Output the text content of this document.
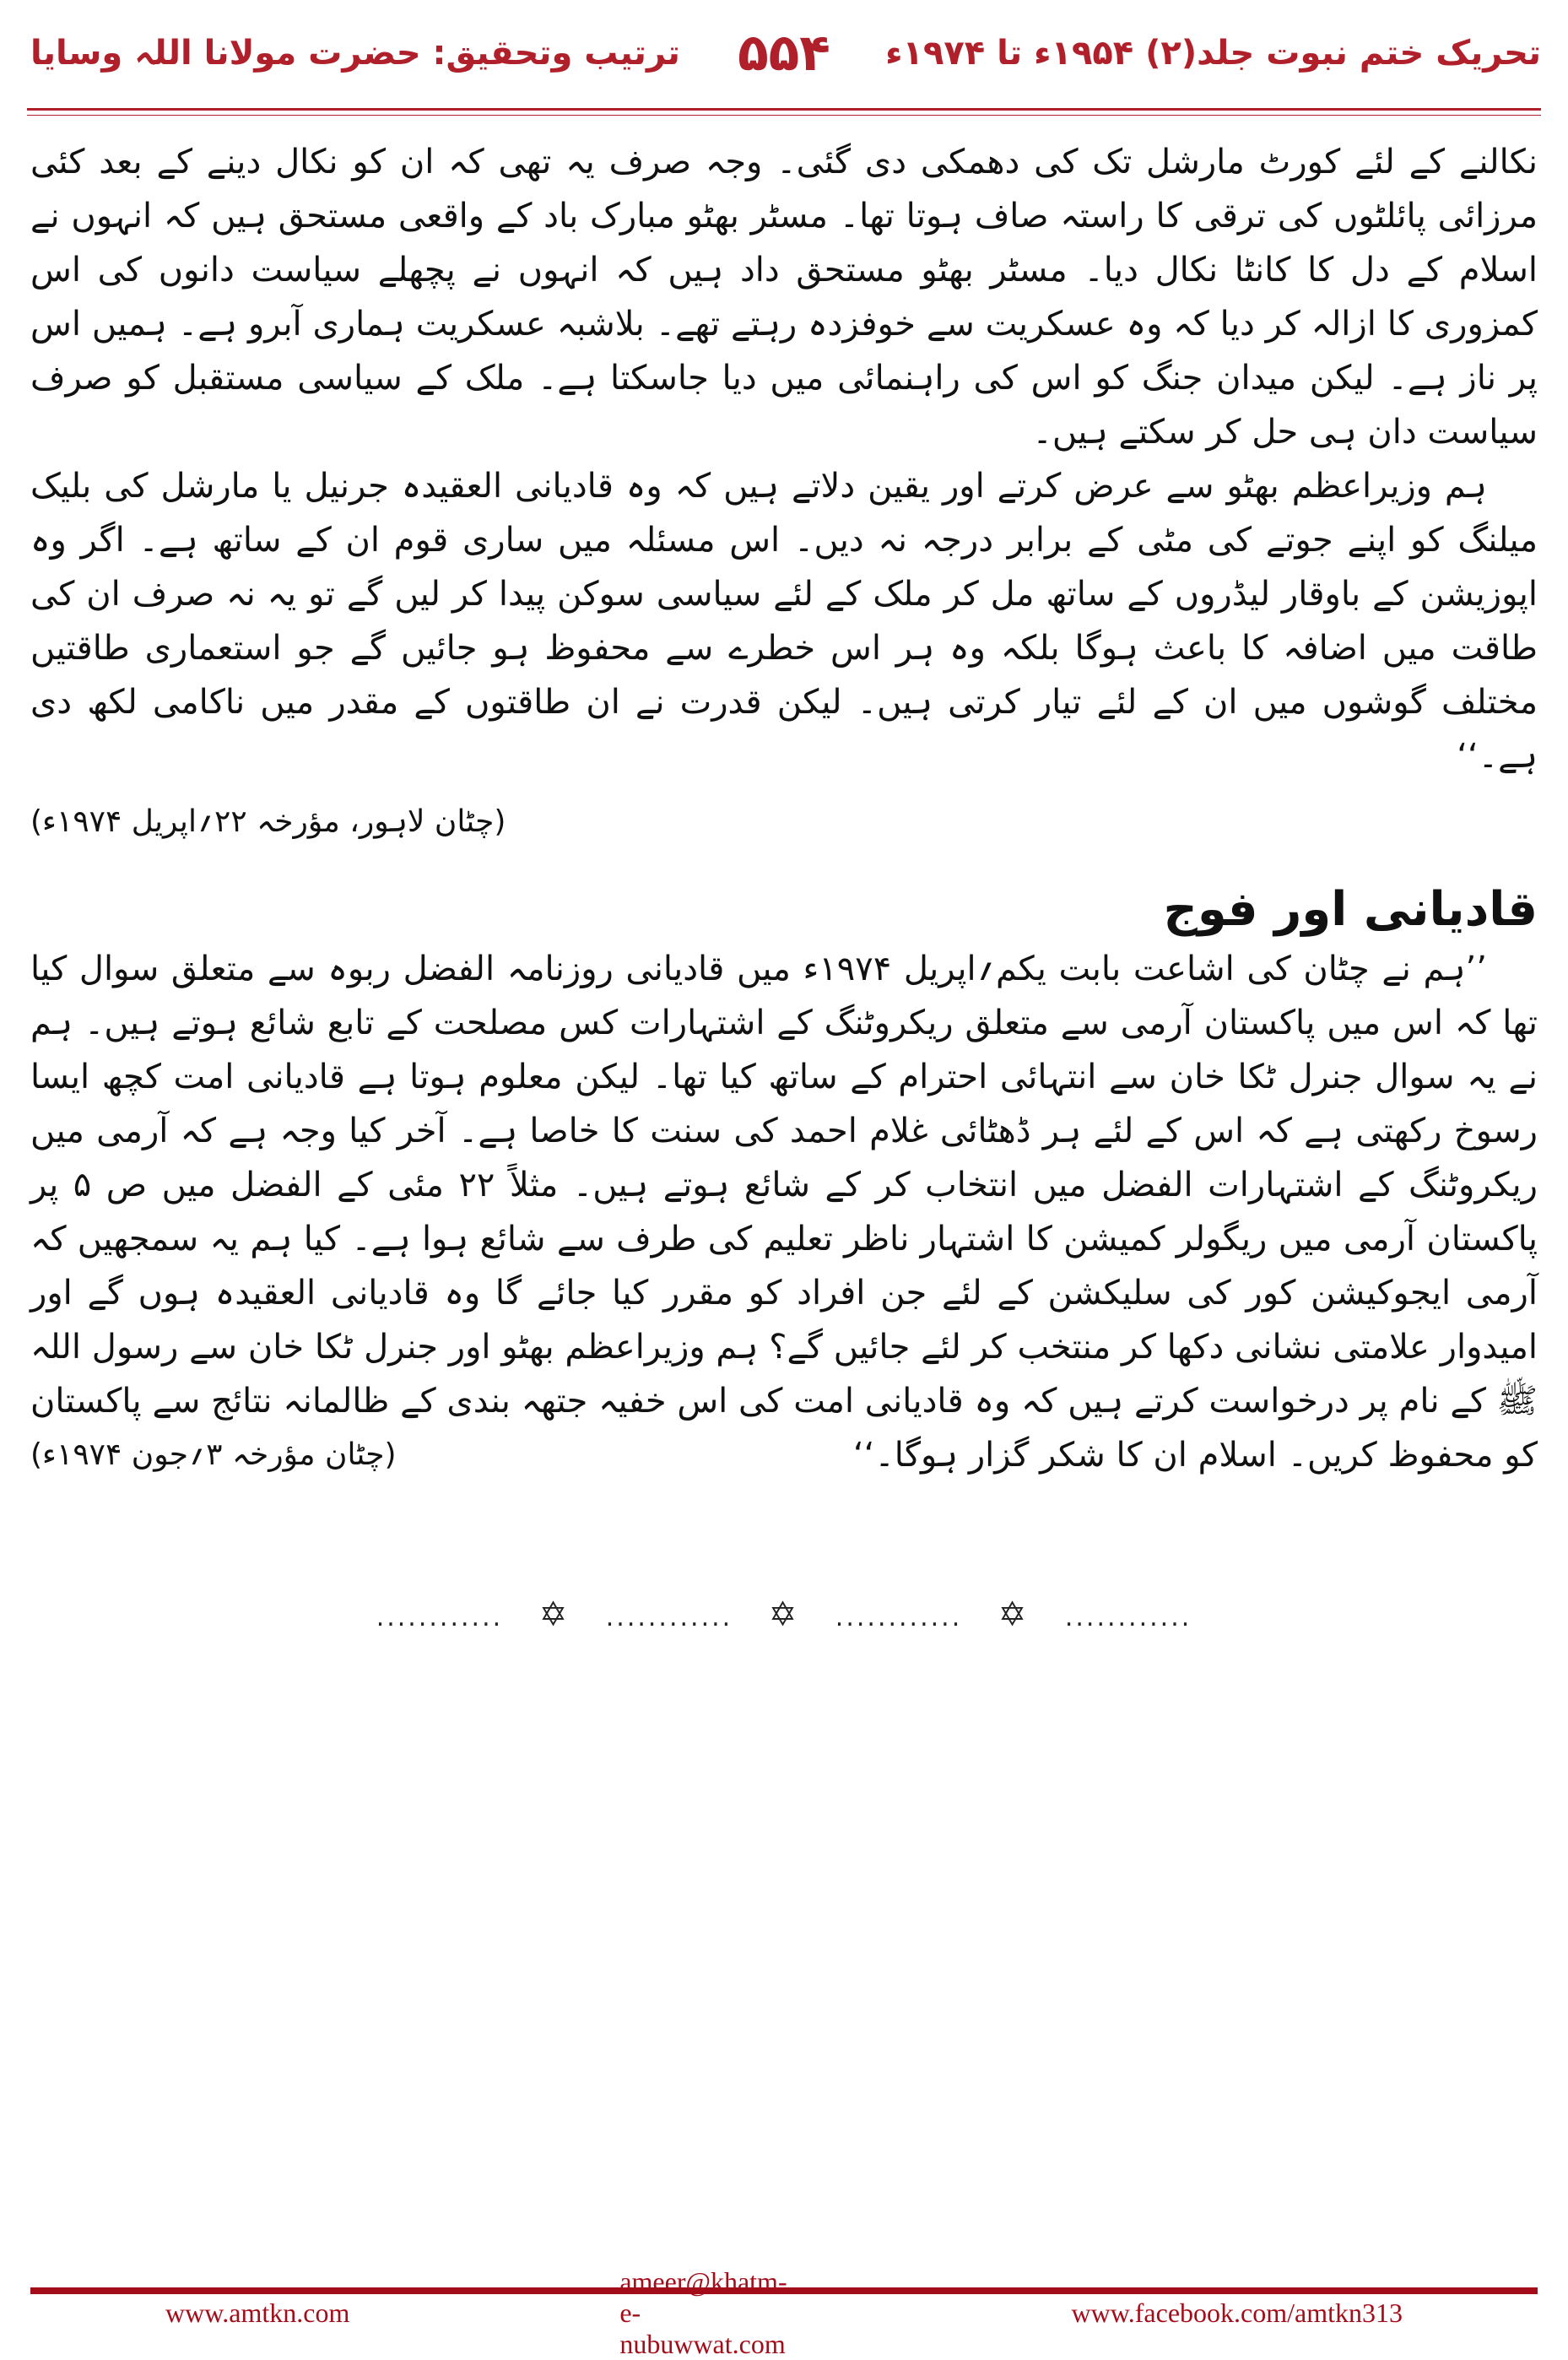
ترتیب وتحقیق: حضرت مولانا اللہ وسایا	۵۵۴	تحریک ختم نبوت جلد(۲) ۱۹۵۴ء تا ۱۹۷۴ء

نکالنے کے لئے کورٹ مارشل تک کی دھمکی دی گئی۔ وجہ صرف یہ تھی کہ ان کو نکال دینے کے بعد کئی مرزائی پائلٹوں کی ترقی کا راستہ صاف ہوتا تھا۔ مسٹر بھٹو مبارک باد کے واقعی مستحق ہیں کہ انہوں نے اسلام کے دل کا کانٹا نکال دیا۔ مسٹر بھٹو مستحق داد ہیں کہ انہوں نے پچھلے سیاست دانوں کی اس کمزوری کا ازالہ کر دیا کہ وہ عسکریت سے خوفزدہ رہتے تھے۔ بلاشبہ عسکریت ہماری آبرو ہے۔ ہمیں اس پر ناز ہے۔ لیکن میدان جنگ کو اس کی راہنمائی میں دیا جاسکتا ہے۔ ملک کے سیاسی مستقبل کو صرف سیاست دان ہی حل کر سکتے ہیں۔

ہم وزیراعظم بھٹو سے عرض کرتے اور یقین دلاتے ہیں کہ وہ قادیانی العقیدہ جرنیل یا مارشل کی بلیک میلنگ کو اپنے جوتے کی مٹی کے برابر درجہ نہ دیں۔ اس مسئلہ میں ساری قوم ان کے ساتھ ہے۔ اگر وہ اپوزیشن کے باوقار لیڈروں کے ساتھ مل کر ملک کے لئے سیاسی سوکن پیدا کر لیں گے تو یہ نہ صرف ان کی طاقت میں اضافہ کا باعث ہوگا بلکہ وہ ہر اس خطرے سے محفوظ ہو جائیں گے جو استعماری طاقتیں مختلف گوشوں میں ان کے لئے تیار کرتی ہیں۔ لیکن قدرت نے ان طاقتوں کے مقدر میں ناکامی لکھ دی ہے۔‘‘

(چٹان لاہور، مؤرخہ ۲۲؍اپریل ۱۹۷۴ء)

قادیانی اور فوج

’’ہم نے چٹان کی اشاعت بابت یکم؍اپریل ۱۹۷۴ء میں قادیانی روزنامہ الفضل ربوہ سے متعلق سوال کیا تھا کہ اس میں پاکستان آرمی سے متعلق ریکروٹنگ کے اشتہارات کس مصلحت کے تابع شائع ہوتے ہیں۔ ہم نے یہ سوال جنرل ٹکا خان سے انتہائی احترام کے ساتھ کیا تھا۔ لیکن معلوم ہوتا ہے قادیانی امت کچھ ایسا رسوخ رکھتی ہے کہ اس کے لئے ہر ڈھٹائی غلام احمد کی سنت کا خاصا ہے۔ آخر کیا وجہ ہے کہ آرمی میں ریکروٹنگ کے اشتہارات الفضل میں انتخاب کر کے شائع ہوتے ہیں۔ مثلاً ۲۲ مئی کے الفضل میں ص ۵ پر پاکستان آرمی میں ریگولر کمیشن کا اشتہار ناظر تعلیم کی طرف سے شائع ہوا ہے۔ کیا ہم یہ سمجھیں کہ آرمی ایجوکیشن کور کی سلیکشن کے لئے جن افراد کو مقرر کیا جائے گا وہ قادیانی العقیدہ ہوں گے اور امیدوار علامتی نشانی دکھا کر منتخب کر لئے جائیں گے؟ ہم وزیراعظم بھٹو اور جنرل ٹکا خان سے رسول اللہ ﷺ کے نام پر درخواست کرتے ہیں کہ وہ قادیانی امت کی اس خفیہ جتھہ بندی کے ظالمانہ نتائج سے پاکستان کو محفوظ کریں۔ اسلام ان کا شکر گزار ہوگا۔‘‘

(چٹان مؤرخہ ۳؍جون ۱۹۷۴ء)
............ ✡ ............ ✡ ............ ✡ ............
www.amtkn.com
ameer@khatm-e-nubuwwat.com
www.facebook.com/amtkn313
